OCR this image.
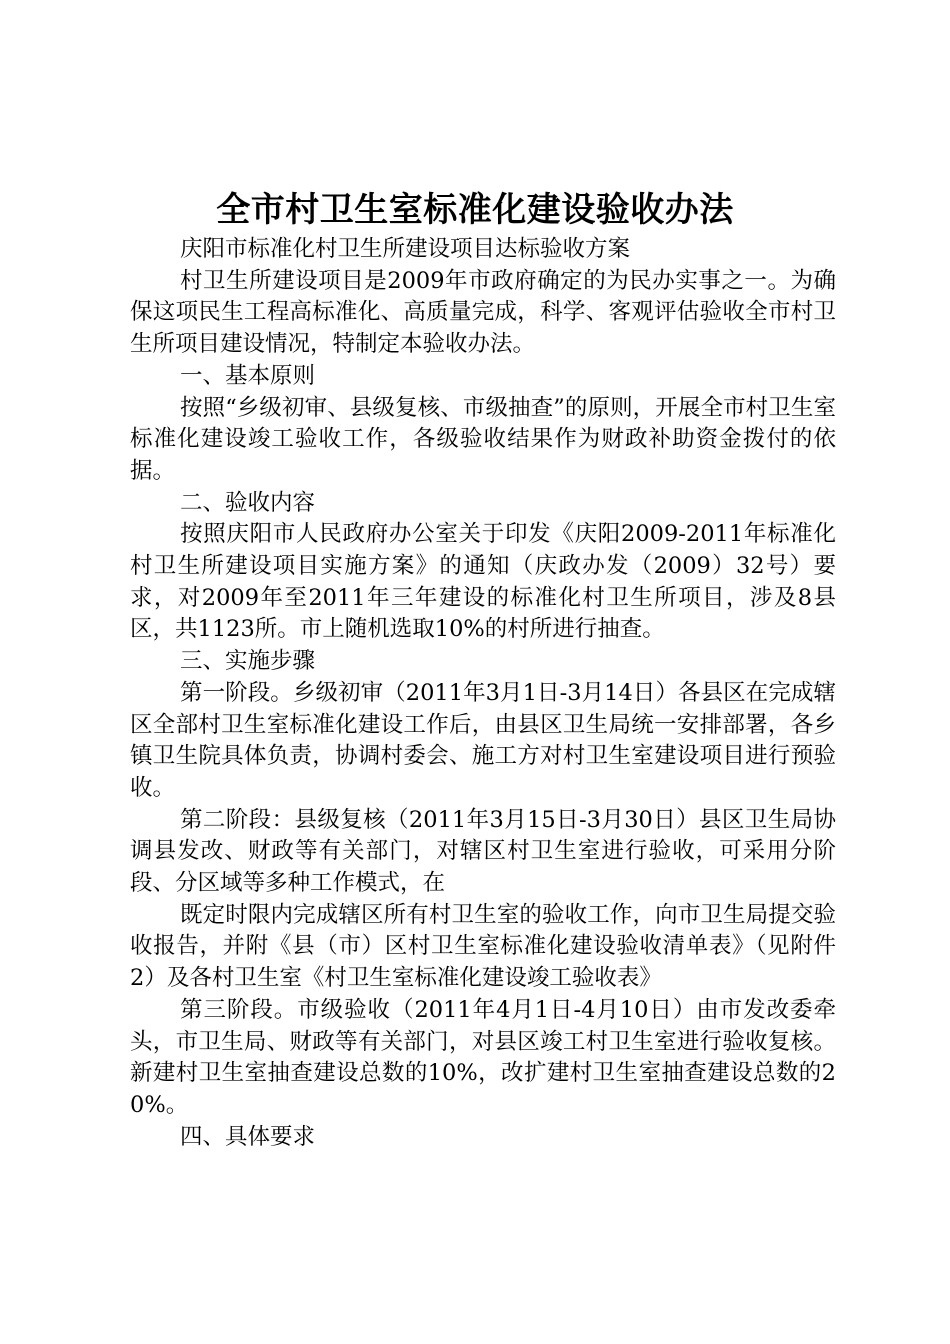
全市村卫生室标准化建设验收办法

庆阳市标准化村卫生所建设项目达标验收方案

村卫生所建设项目是2009年市政府确定的为民办实事之一。为确保这项民生工程高标准化、高质量完成，科学、客观评估验收全市村卫生所项目建设情况，特制定本验收办法。

一、基本原则

按照“乡级初审、县级复核、市级抽查”的原则，开展全市村卫生室标准化建设竣工验收工作，各级验收结果作为财政补助资金拨付的依据。

二、验收内容

按照庆阳市人民政府办公室关于印发《庆阳2009-2011年标准化村卫生所建设项目实施方案》的通知（庆政办发（2009）32号）要求，对2009年至2011年三年建设的标准化村卫生所项目，涉及8县区，共1123所。市上随机选取10%的村所进行抽查。

三、实施步骤

第一阶段。乡级初审（2011年3月1日-3月14日）各县区在完成辖区全部村卫生室标准化建设工作后，由县区卫生局统一安排部署，各乡镇卫生院具体负责，协调村委会、施工方对村卫生室建设项目进行预验收。

第二阶段：县级复核（2011年3月15日-3月30日）县区卫生局协调县发改、财政等有关部门，对辖区村卫生室进行验收，可采用分阶段、分区域等多种工作模式，在

既定时限内完成辖区所有村卫生室的验收工作，向市卫生局提交验收报告，并附《县（市）区村卫生室标准化建设验收清单表》（见附件2）及各村卫生室《村卫生室标准化建设竣工验收表》

第三阶段。市级验收（2011年4月1日-4月10日）由市发改委牵头，市卫生局、财政等有关部门，对县区竣工村卫生室进行验收复核。新建村卫生室抽查建设总数的10%，改扩建村卫生室抽查建设总数的20%。

四、具体要求
